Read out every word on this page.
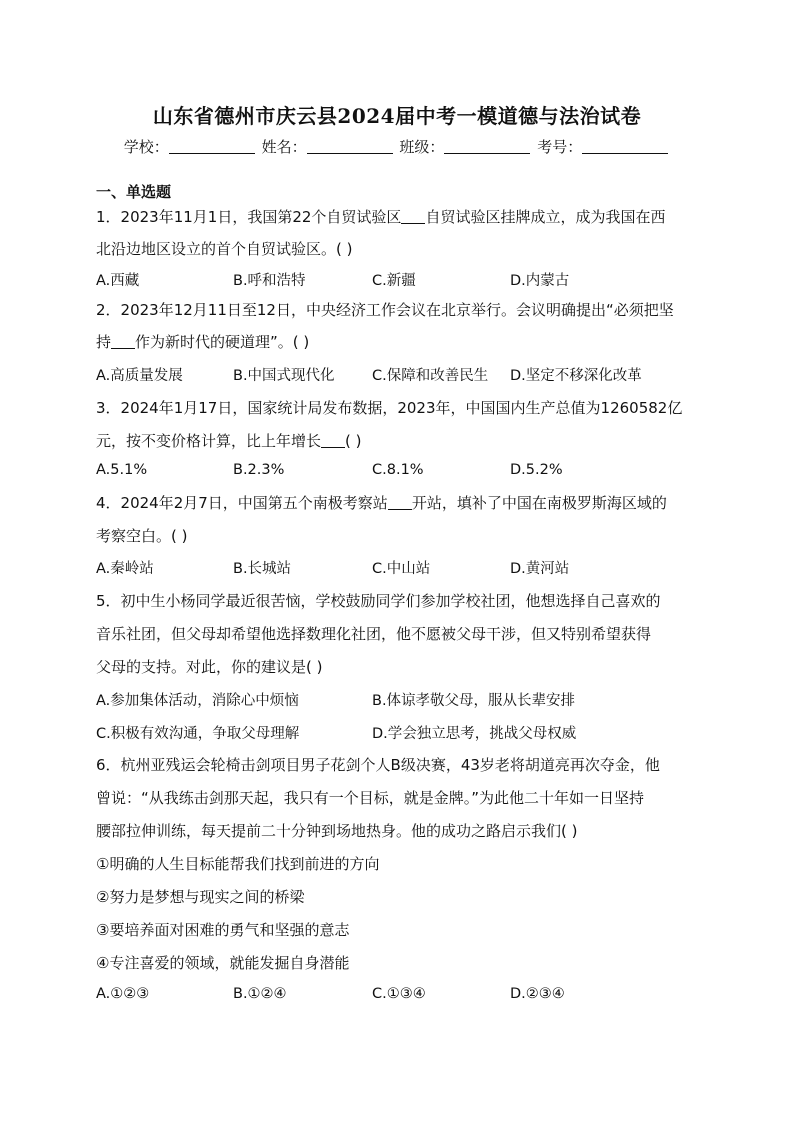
山东省德州市庆云县2024届中考一模道德与法治试卷
学校：	姓名：	班级：	考号：
一、单选题
1．2023年11月1日，我国第22个自贸试验区 自贸试验区挂牌成立，成为我国在西
北沿边地区设立的首个自贸试验区。( )
A.西藏	B.呼和浩特	C.新疆	D.内蒙古
2．2023年12月11日至12日，中央经济工作会议在北京举行。会议明确提出“必须把坚
持 作为新时代的硬道理”。( )
A.高质量发展	B.中国式现代化	C.保障和改善民生 D.坚定不移深化改革
3．2024年1月17日，国家统计局发布数据，2023年，中国国内生产总值为1260582亿
元，按不变价格计算，比上年增长 ( )
A.5.1%	B.2.3%	C.8.1%	D.5.2%
4．2024年2月7日，中国第五个南极考察站 开站，填补了中国在南极罗斯海区域的
考察空白。( )
A.秦岭站	B.长城站	C.中山站	D.黄河站
5．初中生小杨同学最近很苦恼，学校鼓励同学们参加学校社团，他想选择自己喜欢的
音乐社团，但父母却希望他选择数理化社团，他不愿被父母干涉，但又特别希望获得
父母的支持。对此，你的建议是( )
A.参加集体活动，消除心中烦恼	B.体谅孝敬父母，服从长辈安排
C.积极有效沟通，争取父母理解	D.学会独立思考，挑战父母权威
6．杭州亚残运会轮椅击剑项目男子花剑个人B级决赛，43岁老将胡道亮再次夺金，他
曾说：“从我练击剑那天起，我只有一个目标，就是金牌。”为此他二十年如一日坚持
腰部拉伸训练，每天提前二十分钟到场地热身。他的成功之路启示我们( )
①明确的人生目标能帮我们找到前进的方向
②努力是梦想与现实之间的桥梁
③要培养面对困难的勇气和坚强的意志
④专注喜爱的领域，就能发掘自身潜能
A.①②③	B.①②④	C.①③④	D.②③④
